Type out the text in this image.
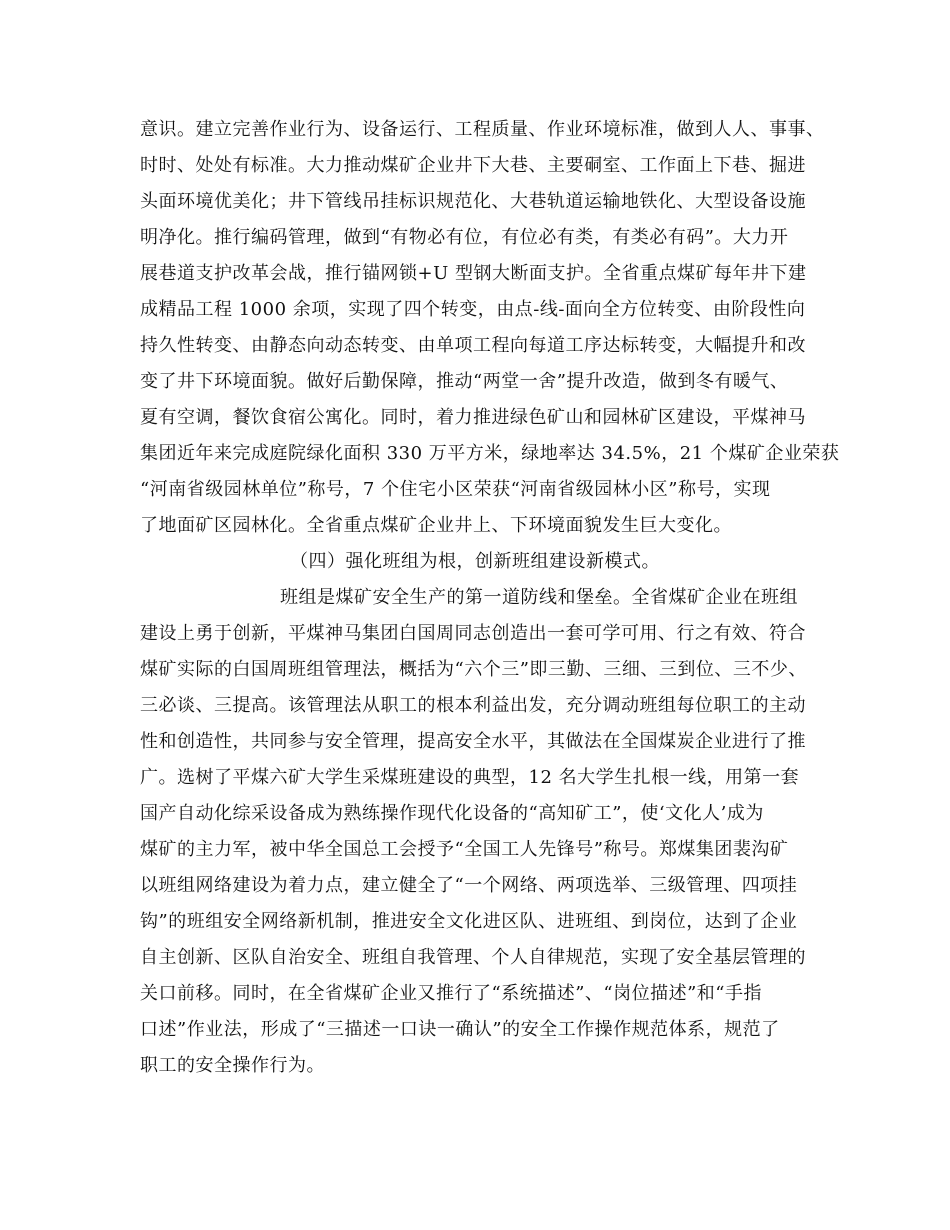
意识。建立完善作业行为、设备运行、工程质量、作业环境标准，做到人人、事事、
时时、处处有标准。大力推动煤矿企业井下大巷、主要硐室、工作面上下巷、掘进
头面环境优美化；井下管线吊挂标识规范化、大巷轨道运输地铁化、大型设备设施
明净化。推行编码管理，做到“有物必有位，有位必有类，有类必有码”。大力开
展巷道支护改革会战，推行锚网锁+U 型钢大断面支护。全省重点煤矿每年井下建
成精品工程 1000 余项，实现了四个转变，由点-线-面向全方位转变、由阶段性向
持久性转变、由静态向动态转变、由单项工程向每道工序达标转变，大幅提升和改
变了井下环境面貌。做好后勤保障，推动“两堂一舍”提升改造，做到冬有暖气、
夏有空调，餐饮食宿公寓化。同时，着力推进绿色矿山和园林矿区建设，平煤神马
集团近年来完成庭院绿化面积 330 万平方米，绿地率达 34.5%，21 个煤矿企业荣获
“河南省级园林单位”称号，7 个住宅小区荣获“河南省级园林小区”称号，实现
了地面矿区园林化。全省重点煤矿企业井上、下环境面貌发生巨大变化。
（四）强化班组为根，创新班组建设新模式。
班组是煤矿安全生产的第一道防线和堡垒。全省煤矿企业在班组
建设上勇于创新，平煤神马集团白国周同志创造出一套可学可用、行之有效、符合
煤矿实际的白国周班组管理法，概括为“六个三”即三勤、三细、三到位、三不少、
三必谈、三提高。该管理法从职工的根本利益出发，充分调动班组每位职工的主动
性和创造性，共同参与安全管理，提高安全水平，其做法在全国煤炭企业进行了推
广。选树了平煤六矿大学生采煤班建设的典型，12 名大学生扎根一线，用第一套
国产自动化综采设备成为熟练操作现代化设备的“高知矿工”，使‘文化人’成为
煤矿的主力军，被中华全国总工会授予“全国工人先锋号”称号。郑煤集团裴沟矿
以班组网络建设为着力点，建立健全了“一个网络、两项选举、三级管理、四项挂
钩”的班组安全网络新机制，推进安全文化进区队、进班组、到岗位，达到了企业
自主创新、区队自治安全、班组自我管理、个人自律规范，实现了安全基层管理的
关口前移。同时，在全省煤矿企业又推行了“系统描述”、“岗位描述”和“手指
口述”作业法，形成了“三描述一口诀一确认”的安全工作操作规范体系，规范了
职工的安全操作行为。
